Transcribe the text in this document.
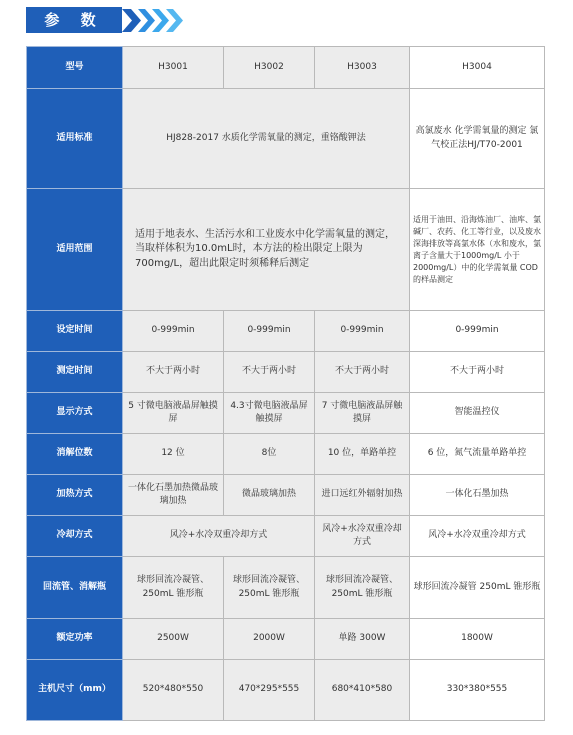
参 数
型号	H3001	H3002	H3003	H3004
适用标准	HJ828-2017 水质化学需氧量的测定，重铬酸钾法			高氯废水 化学需氧量的测定 氯气校正法HJ/T70-2001
适用范围	适用于地表水、生活污水和工业废水中化学需氧量的测定，当取样体积为10.0mL时，本方法的检出限定上限为700mg/L，超出此限定时须稀释后测定			适用于油田、沿海炼油厂、油库、氯碱厂、农药、化工等行业，以及废水深海排放等高氯水体（水和废水，氯离子含量大于1000mg/L 小于 2000mg/L）中的化学需氧量 COD 的样品测定
设定时间	0-999min	0-999min	0-999min	0-999min
测定时间	不大于两小时	不大于两小时	不大于两小时	不大于两小时
显示方式	5 寸微电脑液晶屏触摸屏	4.3寸微电脑液晶屏触摸屏	7 寸微电脑液晶屏触摸屏	智能温控仪
消解位数	12 位	8位	10 位，单路单控	6 位，氮气流量单路单控
加热方式	一体化石墨加热微晶玻璃加热	微晶玻璃加热	进口远红外辐射加热	一体化石墨加热
冷却方式	风冷+水冷双重冷却方式		风冷+水冷双重冷却方式	风冷+水冷双重冷却方式
回流管、消解瓶	球形回流冷凝管、250mL 锥形瓶	球形回流冷凝管、250mL 锥形瓶	球形回流冷凝管、250mL 锥形瓶	球形回流冷凝管 250mL 锥形瓶
额定功率	2500W	2000W	单路 300W	1800W
主机尺寸（mm）	520*480*550	470*295*555	680*410*580	330*380*555
